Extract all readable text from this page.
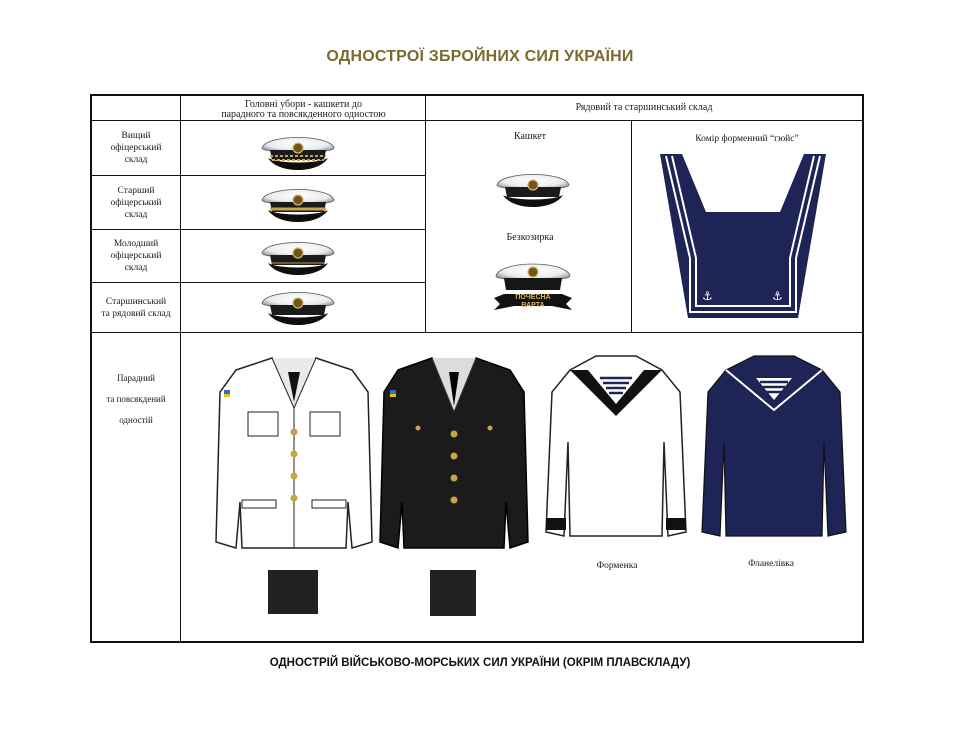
ОДНОСТРОЇ ЗБРОЙНИХ СИЛ УКРАЇНИ
Головні убори - кашкети до
парадного та повсякденного одностою
Рядовий та старшинський склад
Вищий
офіцерський
склад
Старший
офіцерський
склад
Молодший
офіцерський
склад
Старшинський
та рядовий склад
Парадний
та повсякдений
одностій
Кашкет
Безкозирка
ПОЧЕСНА ВАРТА
Комір форменний “гюйс”
⚓	⚓
Форменка	Фланелівка
ОДНОСТРІЙ ВІЙСЬКОВО-МОРСЬКИХ СИЛ УКРАЇНИ (ОКРІМ ПЛАВСКЛАДУ)
